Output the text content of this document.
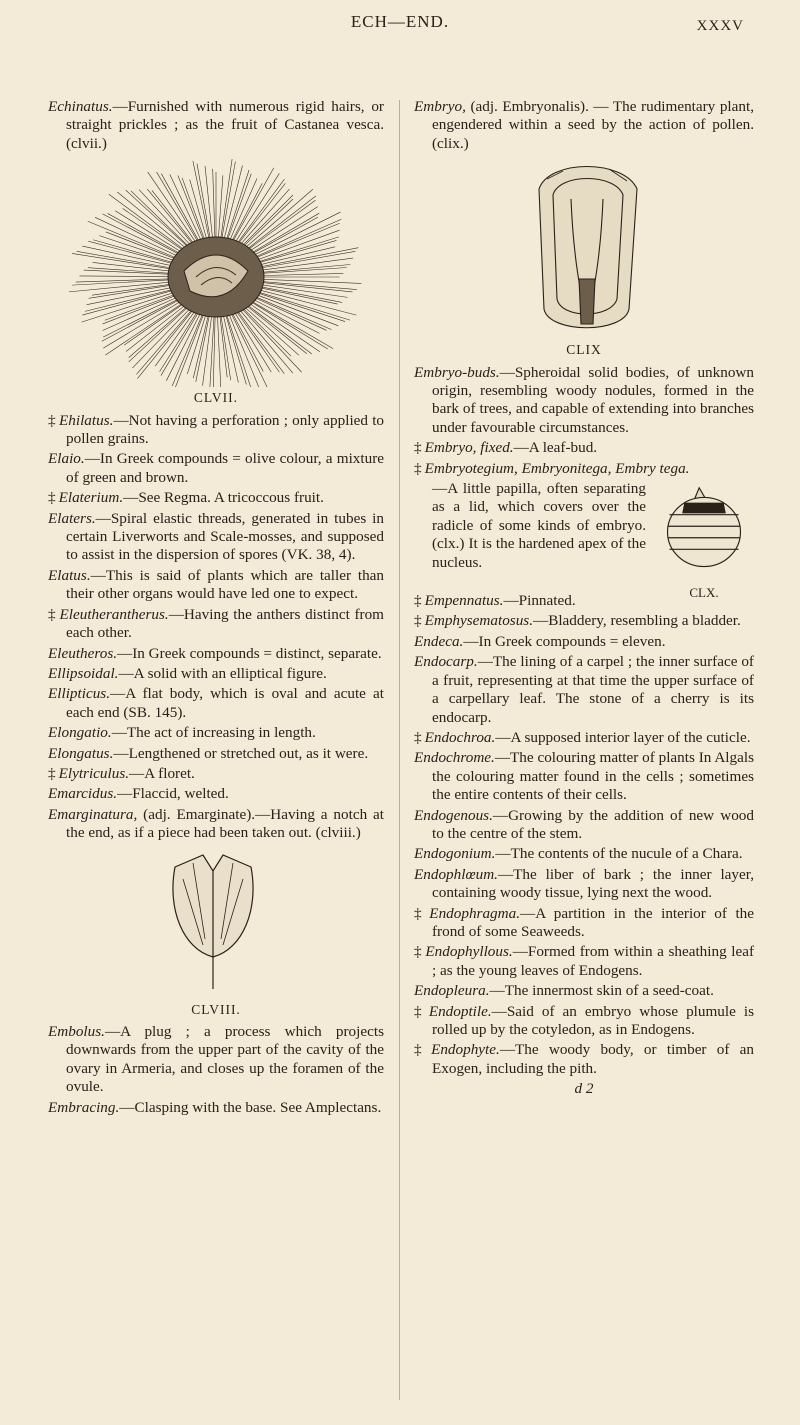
ECH—END.	XXXV

Echinatus.—Furnished with numerous rigid hairs, or straight prickles ; as the fruit of Castanea vesca. (clvii.)

CLVII.

‡ Ehilatus.—Not having a perforation ; only applied to pollen grains.

Elaio.—In Greek compounds = olive colour, a mixture of green and brown.

‡ Elaterium.—See Regma. A tricoccous fruit.

Elaters.—Spiral elastic threads, generated in tubes in certain Liverworts and Scale-mosses, and supposed to assist in the dispersion of spores (VK. 38, 4).

Elatus.—This is said of plants which are taller than their other organs would have led one to expect.

‡ Eleutherantherus.—Having the anthers distinct from each other.

Eleutheros.—In Greek compounds = distinct, separate.

Ellipsoidal.—A solid with an elliptical figure.

Ellipticus.—A flat body, which is oval and acute at each end (SB. 145).

Elongatio.—The act of increasing in length.

Elongatus.—Lengthened or stretched out, as it were.

‡ Elytriculus.—A floret.

Emarcidus.—Flaccid, welted.

Emarginatura, (adj. Emarginate).—Having a notch at the end, as if a piece had been taken out. (clviii.)

CLVIII.

Embolus.—A plug ; a process which projects downwards from the upper part of the cavity of the ovary in Armeria, and closes up the foramen of the ovule.

Embracing.—Clasping with the base. See Amplectans.

Embryo, (adj. Embryonalis). — The rudimentary plant, engendered within a seed by the action of pollen. (clix.)

CLIX

Embryo-buds.—Spheroidal solid bodies, of unknown origin, resembling woody nodules, formed in the bark of trees, and capable of extending into branches under favourable circumstances.

‡ Embryo, fixed.—A leaf-bud.

‡ Embryotegium, Embryonitega, Embry tega.

CLX.

—A little papilla, often separating as a lid, which covers over the radicle of some kinds of embryo. (clx.) It is the hardened apex of the nucleus.

‡ Empennatus.—Pinnated.

‡ Emphysematosus.—Bladdery, resembling a bladder.

Endeca.—In Greek compounds = eleven.

Endocarp.—The lining of a carpel ; the inner surface of a fruit, representing at that time the upper surface of a carpellary leaf. The stone of a cherry is its endocarp.

‡ Endochroa.—A supposed interior layer of the cuticle.

Endochrome.—The colouring matter of plants In Algals the colouring matter found in the cells ; sometimes the entire contents of their cells.

Endogenous.—Growing by the addition of new wood to the centre of the stem.

Endogonium.—The contents of the nucule of a Chara.

Endophlœum.—The liber of bark ; the inner layer, containing woody tissue, lying next the wood.

‡ Endophragma.—A partition in the interior of the frond of some Seaweeds.

‡ Endophyllous.—Formed from within a sheathing leaf ; as the young leaves of Endogens.

Endopleura.—The innermost skin of a seed-coat.

‡ Endoptile.—Said of an embryo whose plumule is rolled up by the cotyledon, as in Endogens.

‡ Endophyte.—The woody body, or timber of an Exogen, including the pith.

d 2
